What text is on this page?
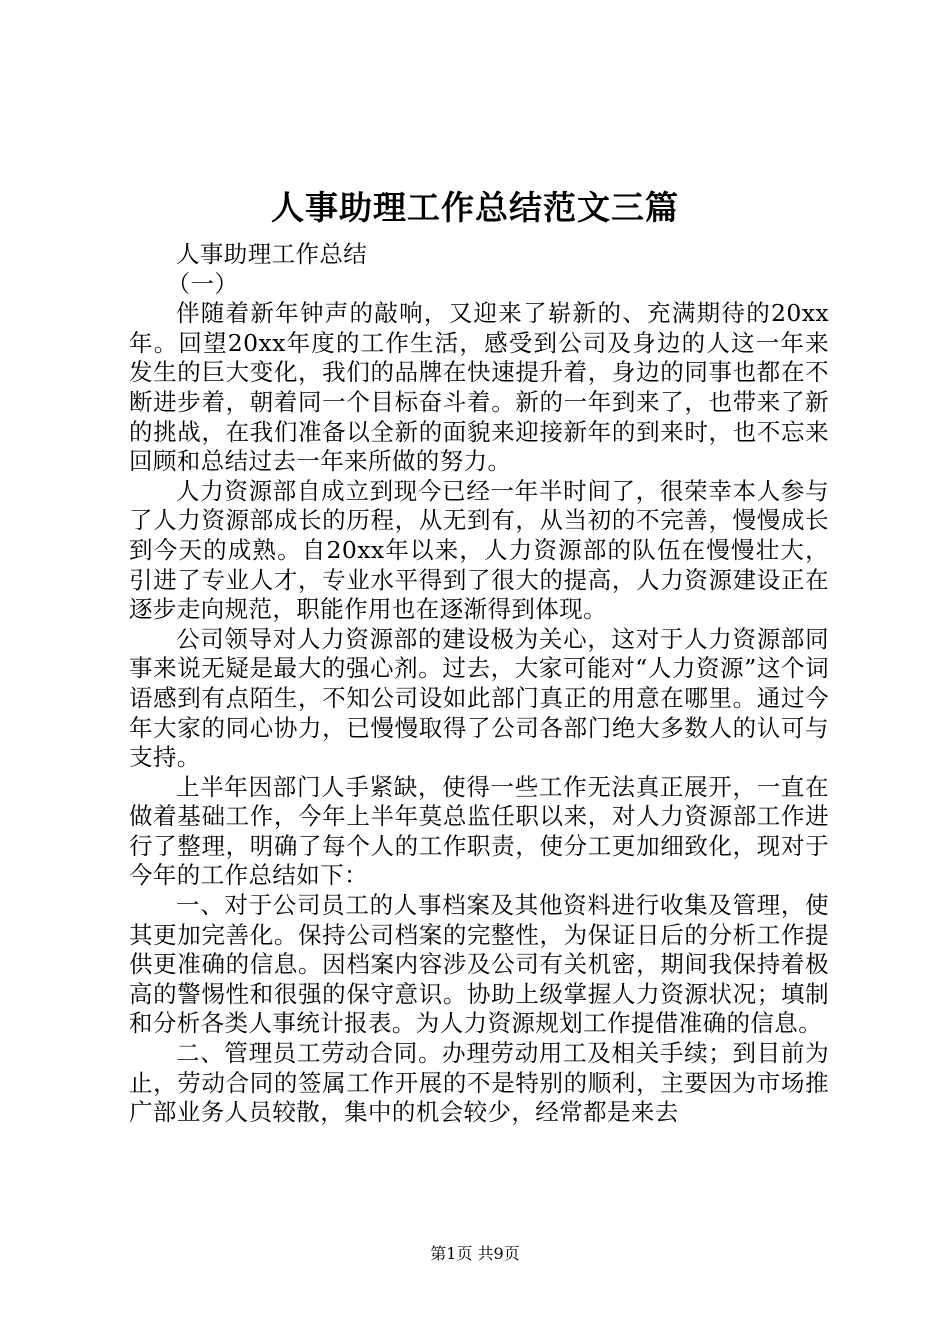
人事助理工作总结范文三篇

人事助理工作总结

（一）

伴随着新年钟声的敲响，又迎来了崭新的、充满期待的20xx年。回望20xx年度的工作生活，感受到公司及身边的人这一年来发生的巨大变化，我们的品牌在快速提升着，身边的同事也都在不断进步着，朝着同一个目标奋斗着。新的一年到来了，也带来了新的挑战，在我们准备以全新的面貌来迎接新年的到来时，也不忘来回顾和总结过去一年来所做的努力。

人力资源部自成立到现今已经一年半时间了，很荣幸本人参与了人力资源部成长的历程，从无到有，从当初的不完善，慢慢成长到今天的成熟。自20xx年以来，人力资源部的队伍在慢慢壮大，引进了专业人才，专业水平得到了很大的提高，人力资源建设正在逐步走向规范，职能作用也在逐渐得到体现。

公司领导对人力资源部的建设极为关心，这对于人力资源部同事来说无疑是最大的强心剂。过去，大家可能对“人力资源”这个词语感到有点陌生，不知公司设如此部门真正的用意在哪里。通过今年大家的同心协力，已慢慢取得了公司各部门绝大多数人的认可与支持。

上半年因部门人手紧缺，使得一些工作无法真正展开，一直在做着基础工作，今年上半年莫总监任职以来，对人力资源部工作进行了整理，明确了每个人的工作职责，使分工更加细致化，现对于今年的工作总结如下：

一、对于公司员工的人事档案及其他资料进行收集及管理，使其更加完善化。保持公司档案的完整性，为保证日后的分析工作提供更准确的信息。因档案内容涉及公司有关机密，期间我保持着极高的警惕性和很强的保守意识。协助上级掌握人力资源状况；填制和分析各类人事统计报表。为人力资源规划工作提借准确的信息。

二、管理员工劳动合同。办理劳动用工及相关手续；到目前为止，劳动合同的签属工作开展的不是特别的顺利，主要因为市场推广部业务人员较散，集中的机会较少，经常都是来去

第1页 共9页
